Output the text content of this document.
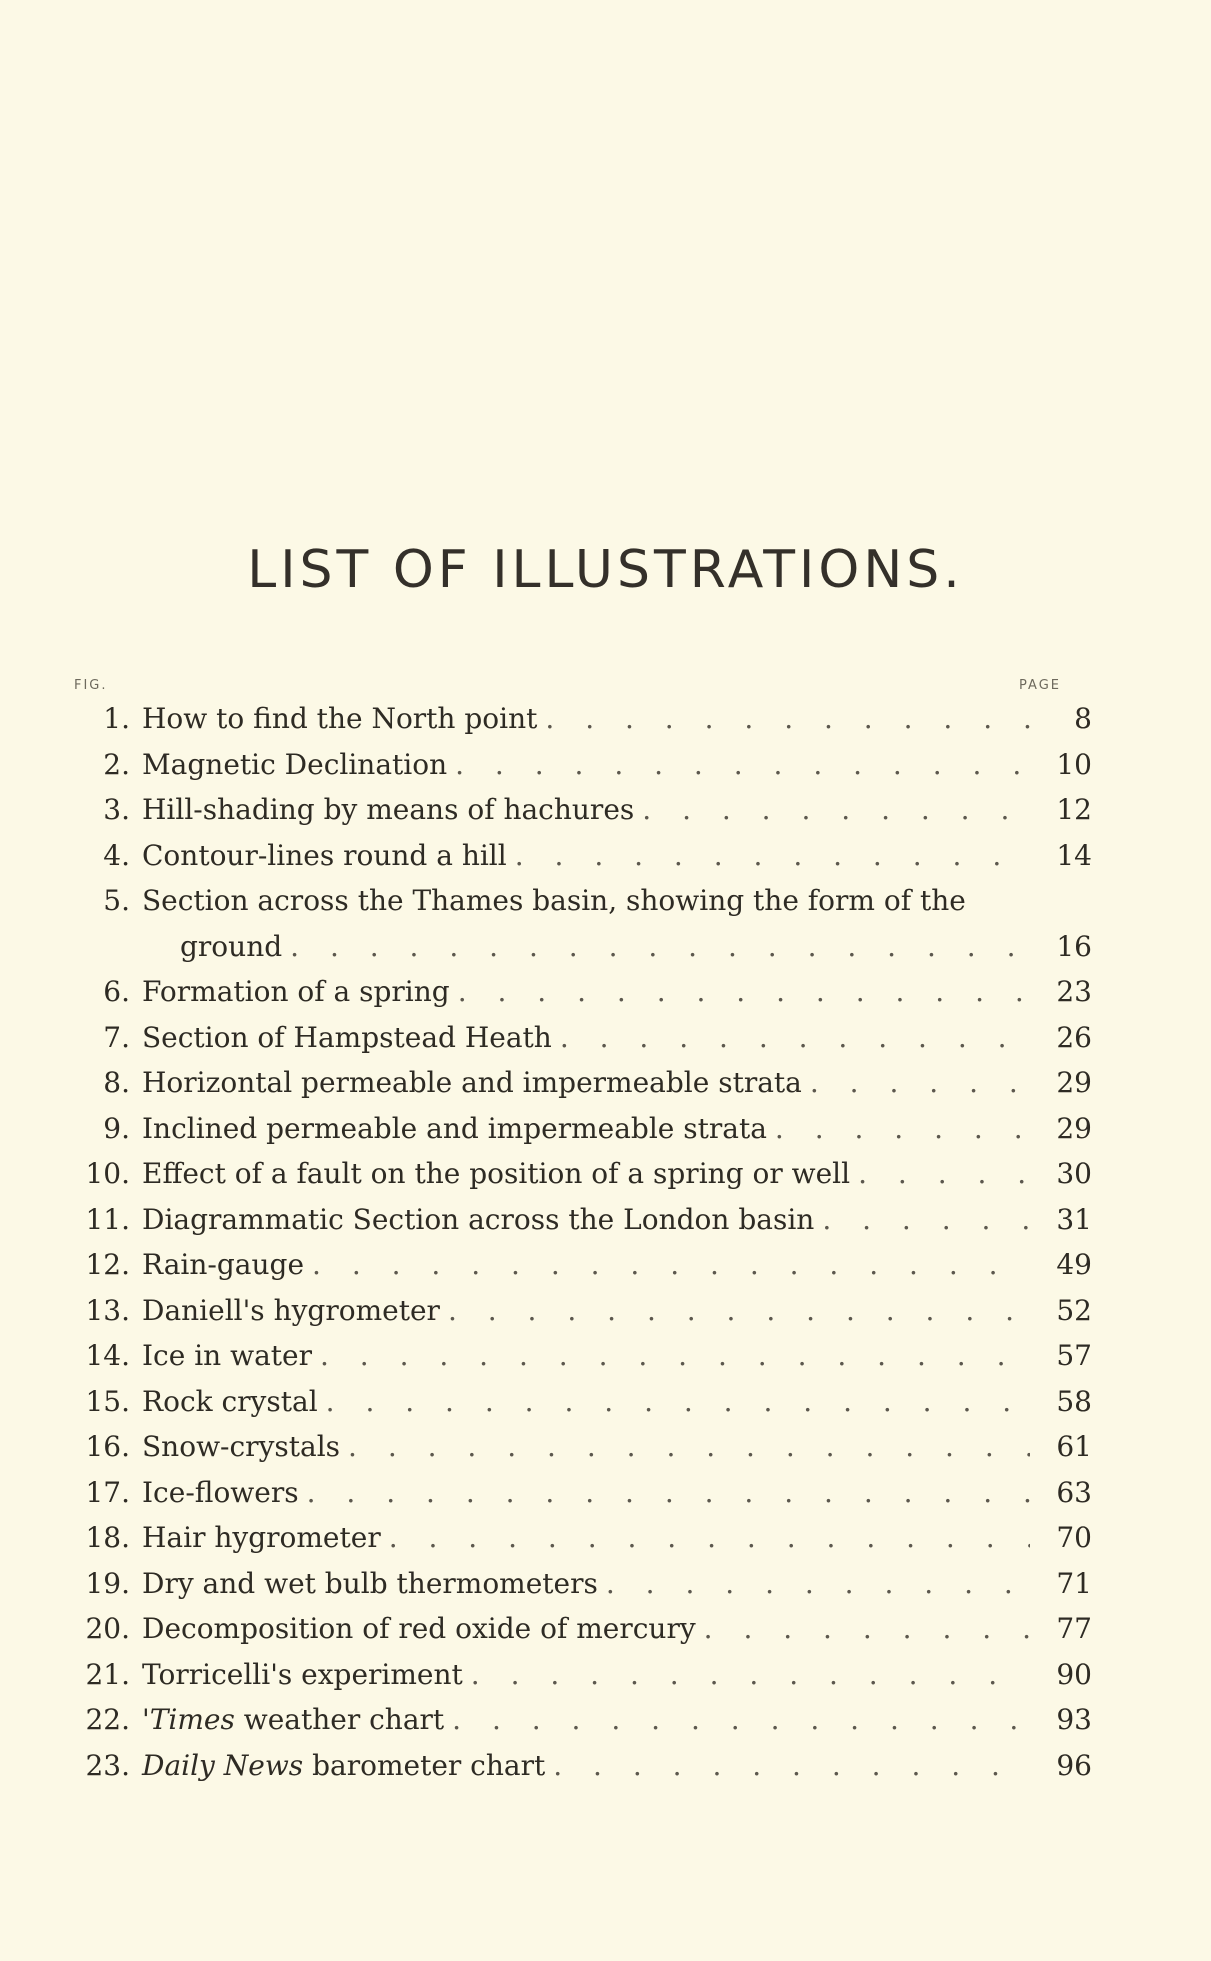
LIST OF ILLUSTRATIONS.
FIG.	PAGE
1. How to find the North point . . .	8
2. Magnetic Declination . . .	10
3. Hill-shading by means of hachures . . .	12
4. Contour-lines round a hill . . .	14
5. Section across the Thames basin, showing the form of the
ground . . .	16
6. Formation of a spring . . .	23
7. Section of Hampstead Heath . . .	26
8. Horizontal permeable and impermeable strata . . .	29
9. Inclined permeable and impermeable strata . . .	29
10. Effect of a fault on the position of a spring or well . . .	30
11. Diagrammatic Section across the London basin . . .	31
12. Rain-gauge . . .	49
13. Daniell's hygrometer . . .	52
14. Ice in water . . .	57
15. Rock crystal . . .	58
16. Snow-crystals . . .	61
17. Ice-flowers . . .	63
18. Hair hygrometer . . .	70
19. Dry and wet bulb thermometers . . .	71
20. Decomposition of red oxide of mercury . . .	77
21. Torricelli's experiment . . .	90
22. 'Times weather chart . . .	93
23. Daily News barometer chart . . .	96
